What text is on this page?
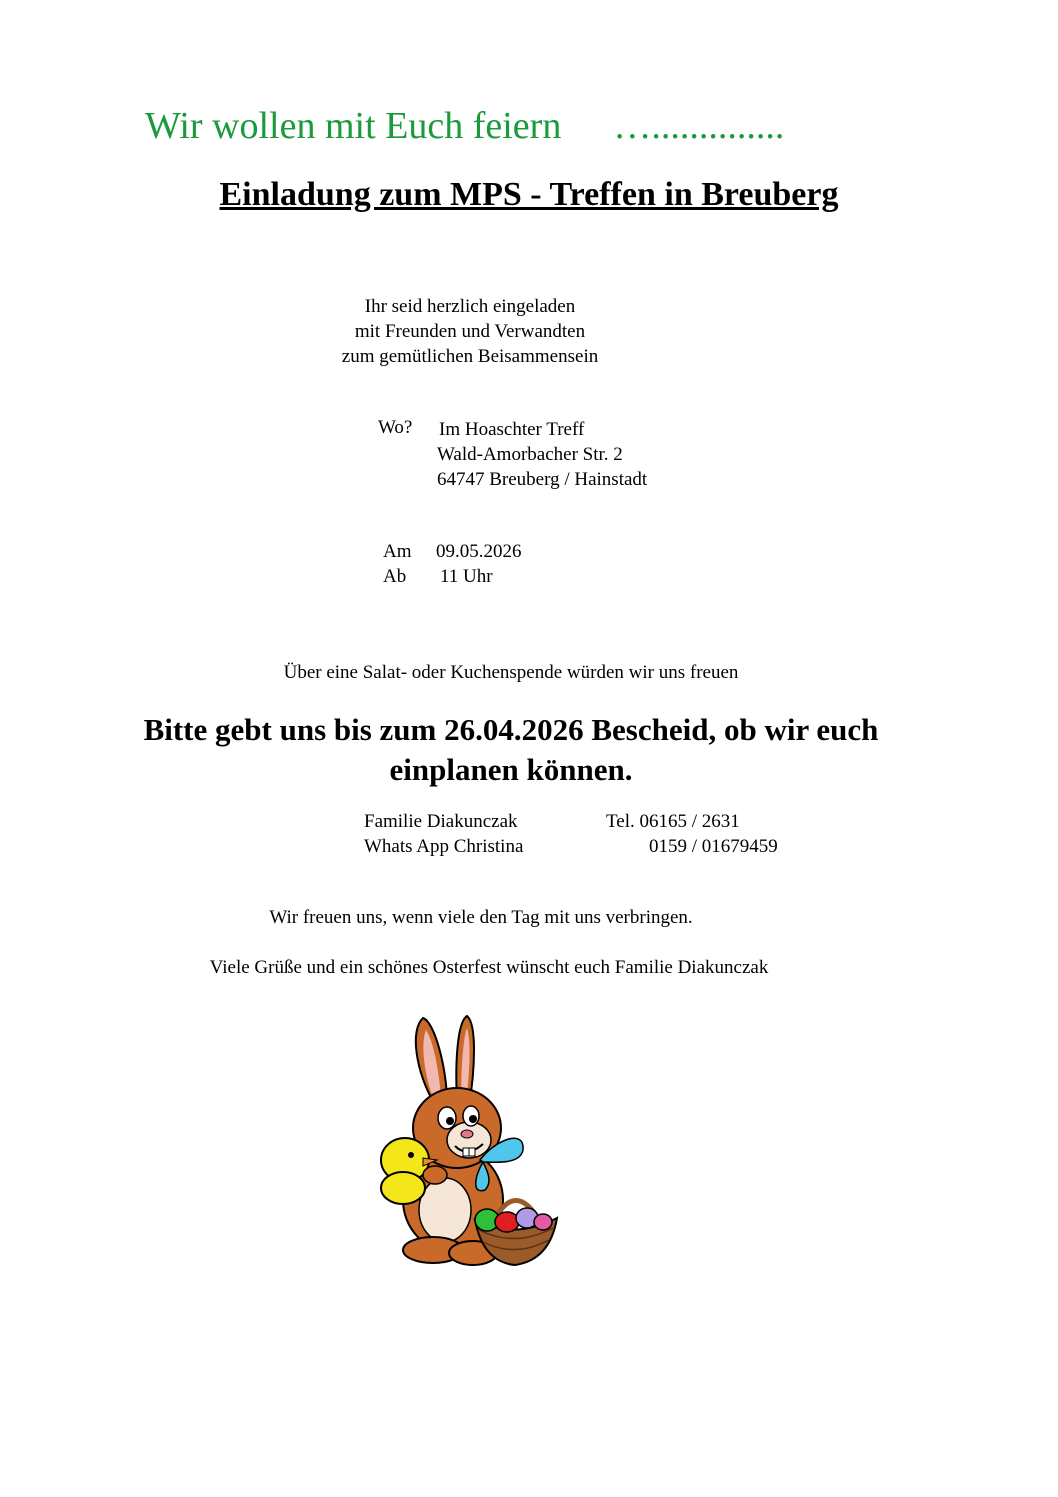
Wir wollen mit Euch feiern …..............
Einladung zum MPS - Treffen in Breuberg
Ihr seid herzlich eingeladen
mit Freunden und Verwandten
zum gemütlichen Beisammensein
Wo? Im Hoaschter Treff
Wald-Amorbacher Str. 2
64747 Breuberg / Hainstadt
Am
Ab
09.05.2026
11 Uhr
Über eine Salat- oder Kuchenspende würden wir uns freuen
Bitte gebt uns bis zum 26.04.2026 Bescheid, ob wir euch
einplanen können.
Familie Diakunczak
Whats App Christina
Tel. 06165 / 2631
0159 / 01679459
Wir freuen uns, wenn viele den Tag mit uns verbringen.
Viele Grüße und ein schönes Osterfest wünscht euch Familie Diakunczak
